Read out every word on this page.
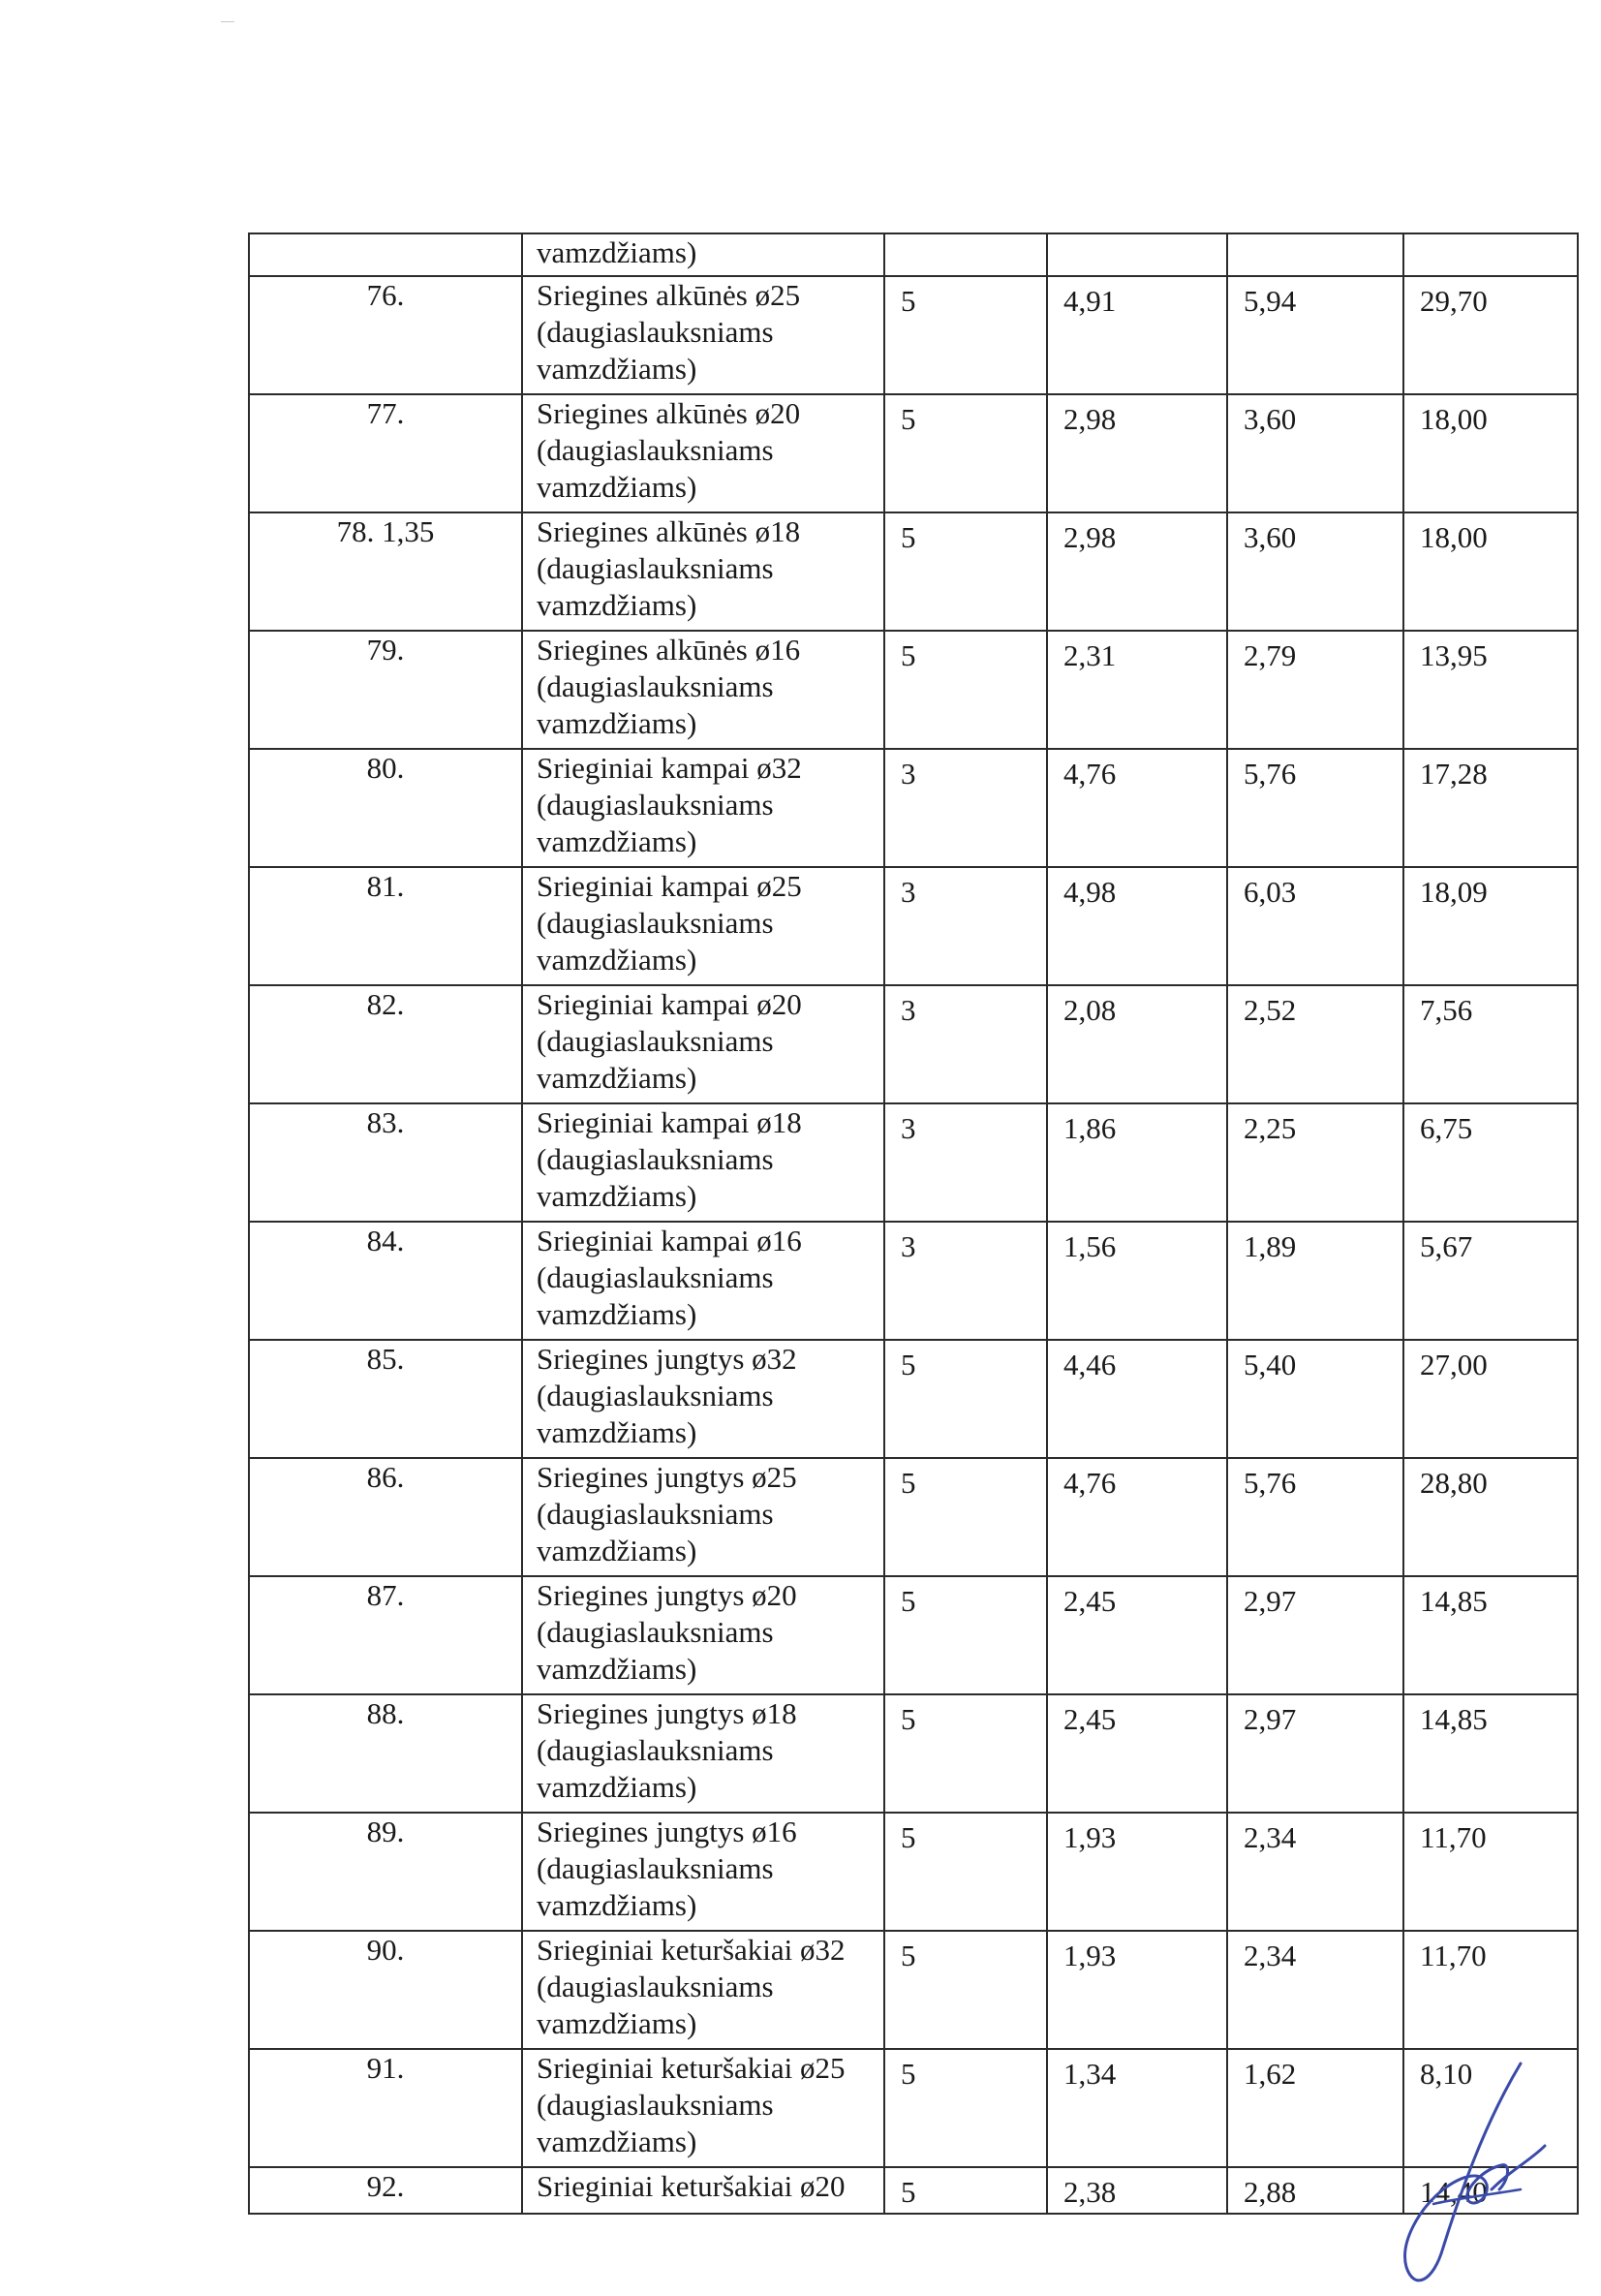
	vamzdžiams)				
76.	Sriegines alkūnės ø25
(daugiaslauksniams
vamzdžiams)	5	4,91	5,94	29,70
77.	Sriegines alkūnės ø20
(daugiaslauksniams
vamzdžiams)	5	2,98	3,60	18,00
78. 1,35	Sriegines alkūnės ø18
(daugiaslauksniams
vamzdžiams)	5	2,98	3,60	18,00
79.	Sriegines alkūnės ø16
(daugiaslauksniams
vamzdžiams)	5	2,31	2,79	13,95
80.	Srieginiai kampai ø32
(daugiaslauksniams
vamzdžiams)	3	4,76	5,76	17,28
81.	Srieginiai kampai ø25
(daugiaslauksniams
vamzdžiams)	3	4,98	6,03	18,09
82.	Srieginiai kampai ø20
(daugiaslauksniams
vamzdžiams)	3	2,08	2,52	7,56
83.	Srieginiai kampai ø18
(daugiaslauksniams
vamzdžiams)	3	1,86	2,25	6,75
84.	Srieginiai kampai ø16
(daugiaslauksniams
vamzdžiams)	3	1,56	1,89	5,67
85.	Sriegines jungtys ø32
(daugiaslauksniams
vamzdžiams)	5	4,46	5,40	27,00
86.	Sriegines jungtys ø25
(daugiaslauksniams
vamzdžiams)	5	4,76	5,76	28,80
87.	Sriegines jungtys ø20
(daugiaslauksniams
vamzdžiams)	5	2,45	2,97	14,85
88.	Sriegines jungtys ø18
(daugiaslauksniams
vamzdžiams)	5	2,45	2,97	14,85
89.	Sriegines jungtys ø16
(daugiaslauksniams
vamzdžiams)	5	1,93	2,34	11,70
90.	Srieginiai keturšakiai ø32
(daugiaslauksniams
vamzdžiams)	5	1,93	2,34	11,70
91.	Srieginiai keturšakiai ø25
(daugiaslauksniams
vamzdžiams)	5	1,34	1,62	8,10
92.	Srieginiai keturšakiai ø20	5	2,38	2,88	14,40
